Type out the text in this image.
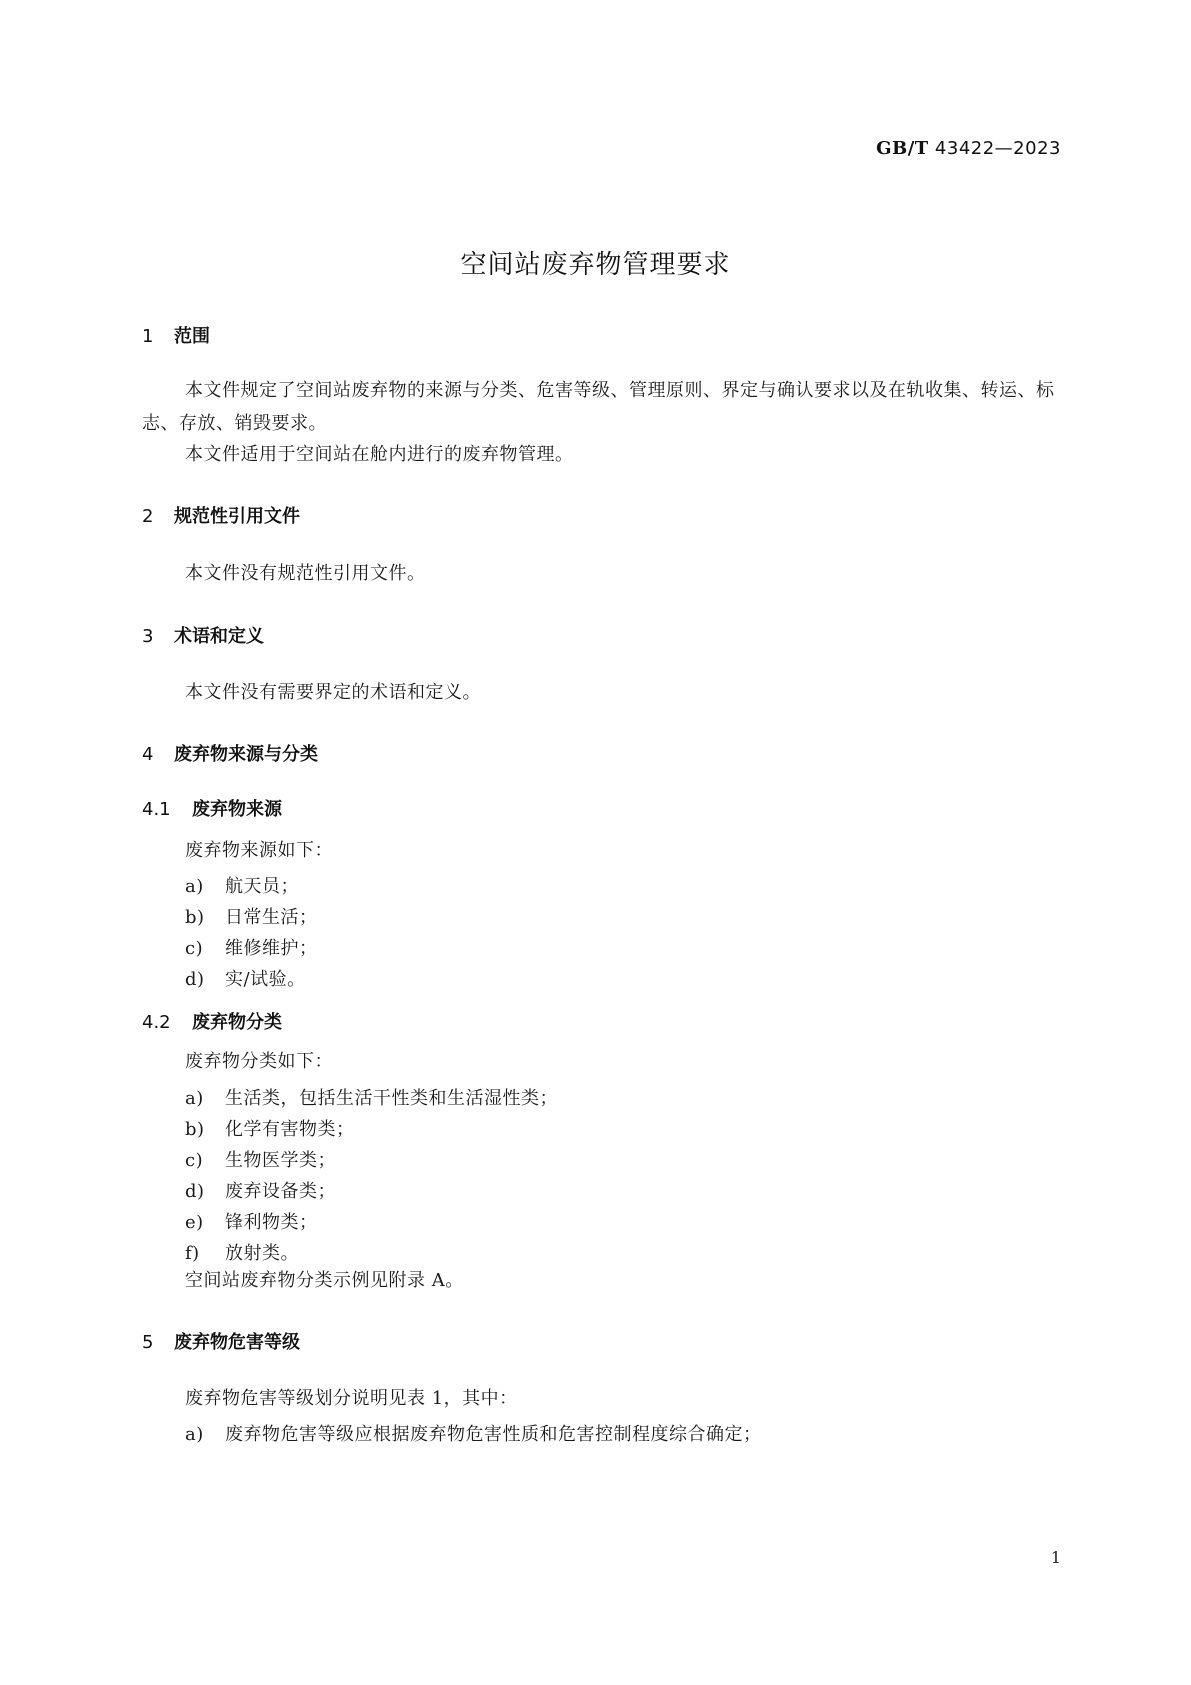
GB/T 43422—2023
空间站废弃物管理要求
1 范围
本文件规定了空间站废弃物的来源与分类、危害等级、管理原则、界定与确认要求以及在轨收集、转运、标志、存放、销毁要求。
本文件适用于空间站在舱内进行的废弃物管理。
2 规范性引用文件
本文件没有规范性引用文件。
3 术语和定义
本文件没有需要界定的术语和定义。
4 废弃物来源与分类
4.1 废弃物来源
废弃物来源如下：
a) 航天员；
b) 日常生活；
c) 维修维护；
d) 实/试验。
4.2 废弃物分类
废弃物分类如下：
a) 生活类，包括生活干性类和生活湿性类；
b) 化学有害物类；
c) 生物医学类；
d) 废弃设备类；
e) 锋利物类；
f) 放射类。
空间站废弃物分类示例见附录 A。
5 废弃物危害等级
废弃物危害等级划分说明见表 1，其中：
a) 废弃物危害等级应根据废弃物危害性质和危害控制程度综合确定；
1
